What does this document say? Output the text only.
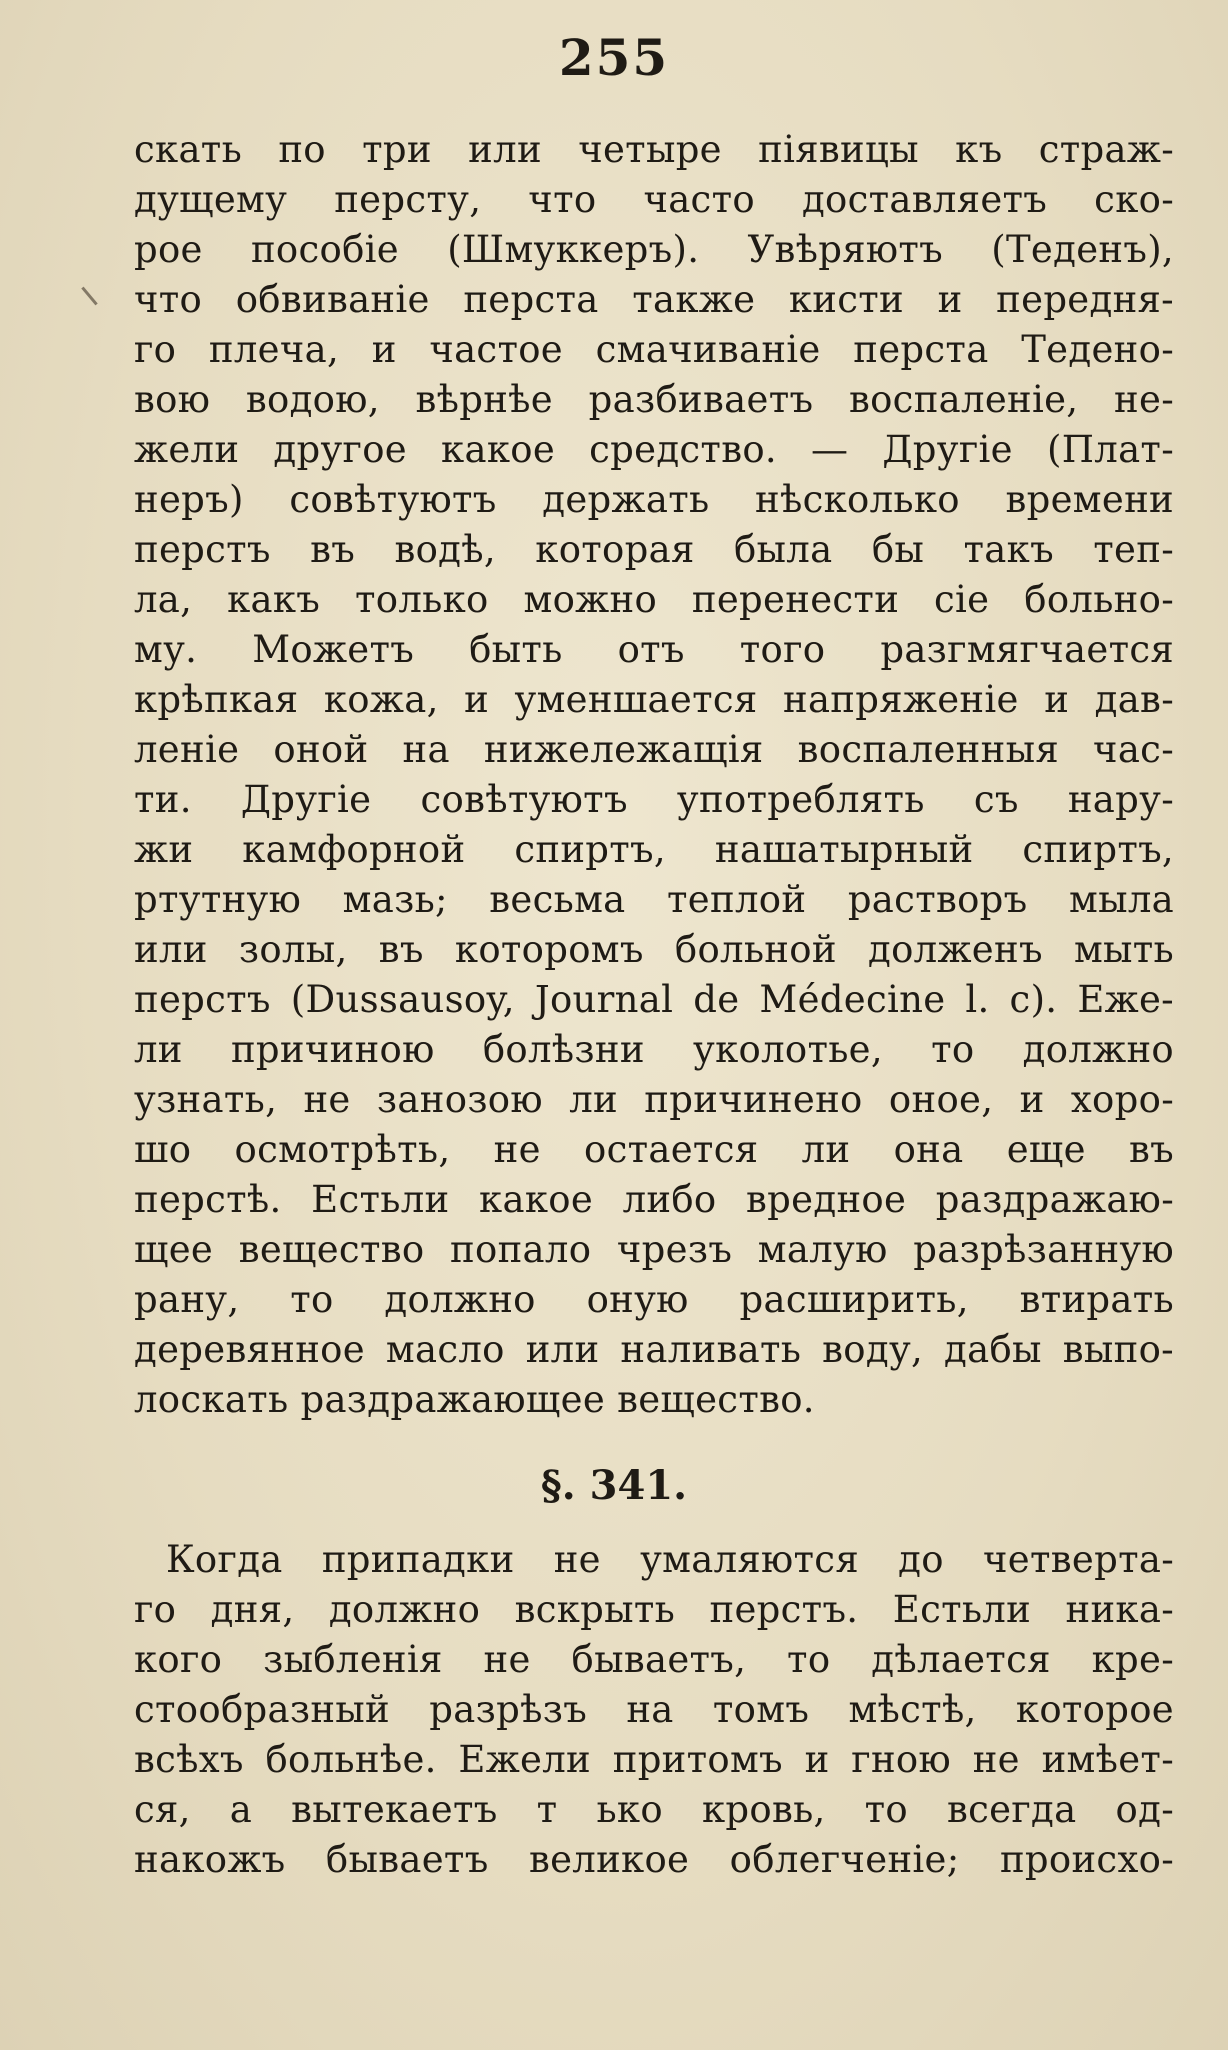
255
скать по три или четыре піявицы къ страж-
дущему персту, что часто доставляетъ ско-
рое пособіе (Шмуккеръ). Увѣряютъ (Теденъ),
что обвиваніе перста также кисти и передня-
го плеча, и частое смачиваніе перста Теденo-
вою водою, вѣрнѣе разбиваетъ воспаленіе, не-
жели другое какое средство. — Другіе (Плат-
неръ) совѣтуютъ держать нѣсколько времени
перстъ въ водѣ, которая была бы такъ теп-
ла, какъ только можно перенести сіе больно-
му. Можетъ быть отъ того разгмягчается
крѣпкая кожа, и уменшается напряженіе и дав-
леніе оной на нижележащія воспаленныя час-
ти. Другіе совѣтуютъ употреблять съ нару-
жи камфорной спиртъ, нашатырный спиртъ,
ртутную мазь; весьма теплой растворъ мыла
или золы, въ которомъ больной долженъ мыть
перстъ (Dussausoy, Journal de Médecine l. c). Еже-
ли причиною болѣзни уколотье, то должно
узнать, не занозою ли причинено оное, и хоро-
шо осмотрѣть, не остается ли она еще въ
перстѣ. Естьли какое либо вредное раздражаю-
щее вещество попало чрезъ малую разрѣзанную
рану, то должно оную расширить, втирать
деревянное масло или наливать воду, дабы выпо-
лоскать раздражающее вещество.
§. 341.
Когда припадки не умаляются до четверта-
го дня, должно вскрыть перстъ. Естьли ника-
кого зыбленія не бываетъ, то дѣлается кре-
стообразный разрѣзъ на томъ мѣстѣ, которое
всѣхъ больнѣе. Ежели притомъ и гною не имѣет-
ся, а вытекаетъ т ько кровь, то всегда од-
накожъ бываетъ великое облегченіе; происхо-
